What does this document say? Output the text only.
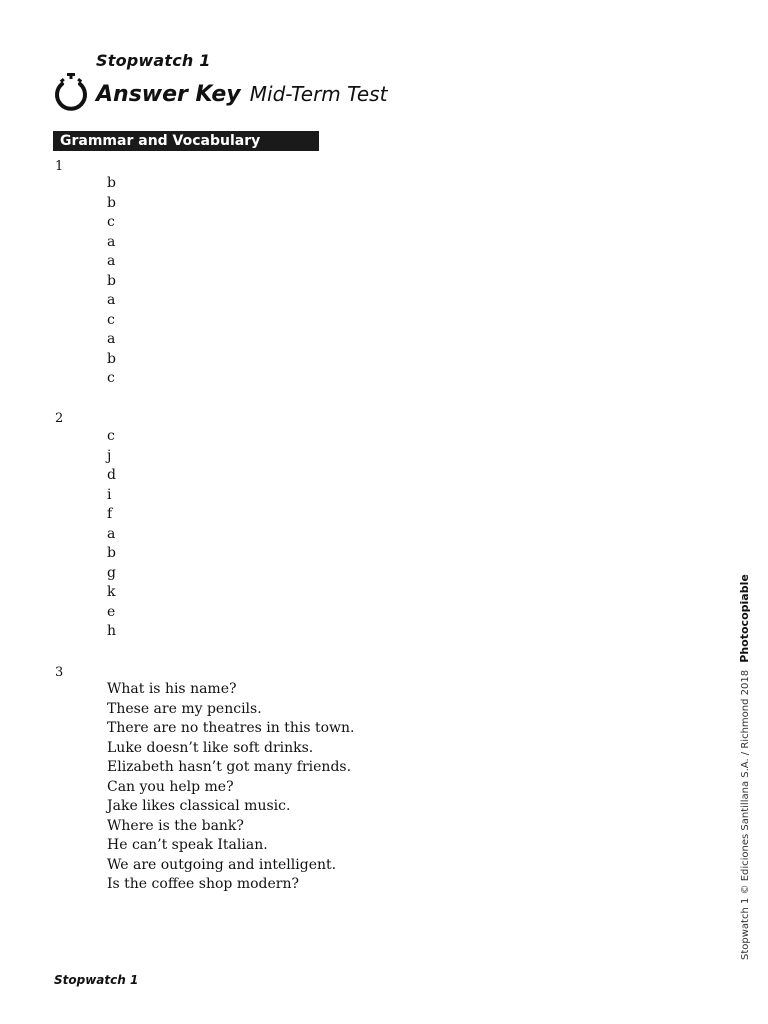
Stopwatch 1
Answer Key Mid-Term Test
Grammar and Vocabulary
1
b
b
c
a
a
b
a
c
a
b
c
2
c
j
d
i
f
a
b
g
k
e
h
3
What is his name?
These are my pencils.
There are no theatres in this town.
Luke doesn’t like soft drinks.
Elizabeth hasn’t got many friends.
Can you help me?
Jake likes classical music.
Where is the bank?
He can’t speak Italian.
We are outgoing and intelligent.
Is the coffee shop modern?	Stopwatch 1 © Ediciones Santillana S.A. / Richmond 2018 Photocopiable
Stopwatch 1
